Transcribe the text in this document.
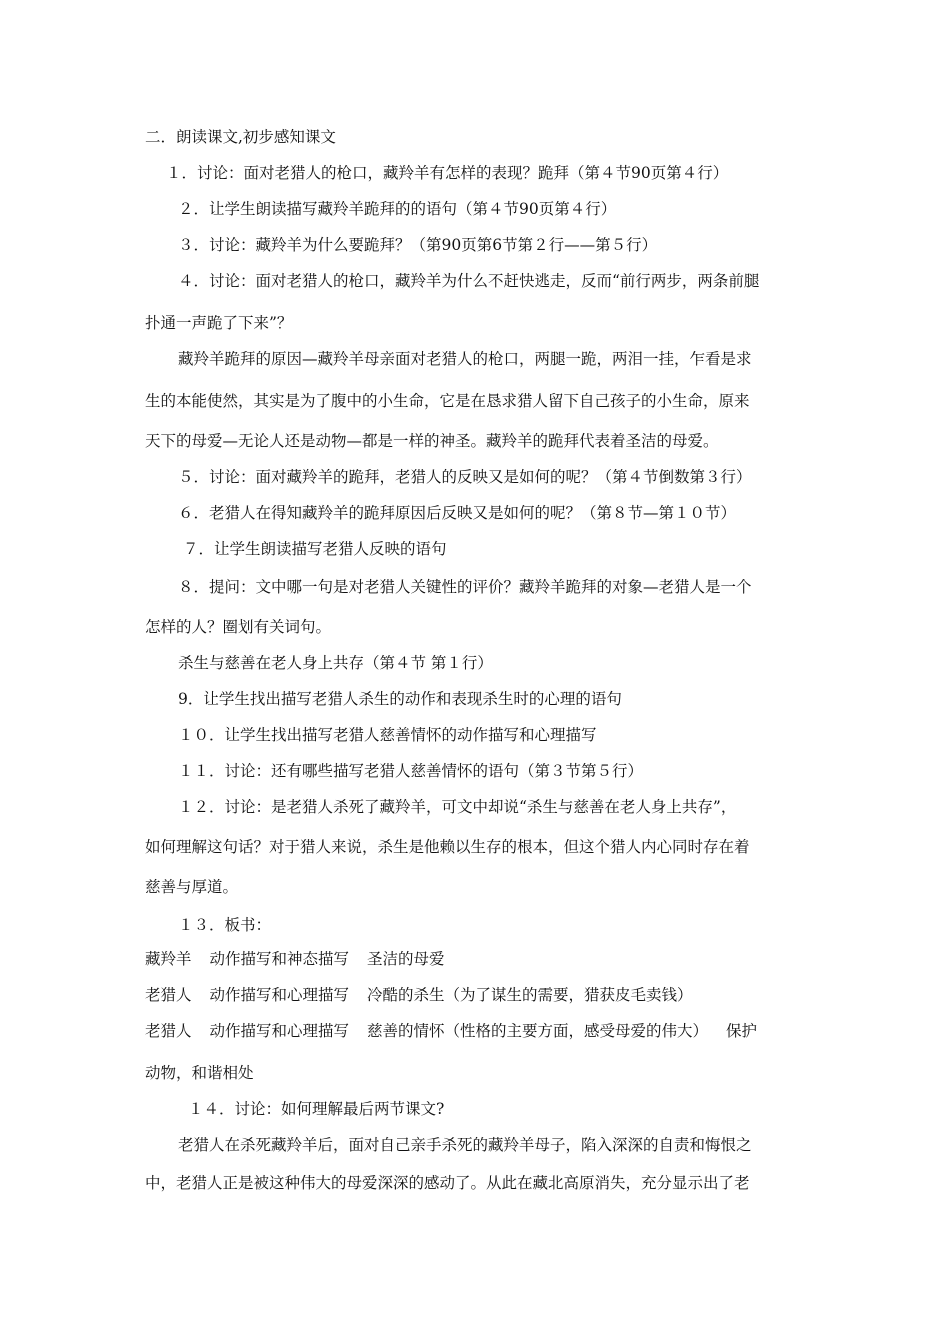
二．朗读课文,初步感知课文
１．讨论：面对老猎人的枪口，藏羚羊有怎样的表现？跪拜（第４节90页第４行）
２．让学生朗读描写藏羚羊跪拜的的语句（第４节90页第４行）
３．讨论：藏羚羊为什么要跪拜？（第90页第6节第２行——第５行）
４．讨论：面对老猎人的枪口，藏羚羊为什么不赶快逃走，反而“前行两步，两条前腿
扑通一声跪了下来”？
藏羚羊跪拜的原因—藏羚羊母亲面对老猎人的枪口，两腿一跪，两泪一挂，乍看是求
生的本能使然，其实是为了腹中的小生命，它是在恳求猎人留下自己孩子的小生命，原来
天下的母爱—无论人还是动物—都是一样的神圣。藏羚羊的跪拜代表着圣洁的母爱。
５．讨论：面对藏羚羊的跪拜，老猎人的反映又是如何的呢？（第４节倒数第３行）
６．老猎人在得知藏羚羊的跪拜原因后反映又是如何的呢？（第８节—第１０节）
７．让学生朗读描写老猎人反映的语句
８．提问：文中哪一句是对老猎人关键性的评价？藏羚羊跪拜的对象—老猎人是一个
怎样的人？圈划有关词句。
杀生与慈善在老人身上共存（第４节 第１行）
9．让学生找出描写老猎人杀生的动作和表现杀生时的心理的语句
１０．让学生找出描写老猎人慈善情怀的动作描写和心理描写
１１．讨论：还有哪些描写老猎人慈善情怀的语句（第３节第５行）
１２．讨论：是老猎人杀死了藏羚羊，可文中却说“杀生与慈善在老人身上共存”，
如何理解这句话？对于猎人来说，杀生是他赖以生存的根本，但这个猎人内心同时存在着
慈善与厚道。
１３．板书：
藏羚羊 动作描写和神态描写 圣洁的母爱
老猎人 动作描写和心理描写 冷酷的杀生（为了谋生的需要，猎获皮毛卖钱）
老猎人 动作描写和心理描写 慈善的情怀（性格的主要方面，感受母爱的伟大） 保护
动物，和谐相处
１４．讨论：如何理解最后两节课文?
老猎人在杀死藏羚羊后，面对自己亲手杀死的藏羚羊母子，陷入深深的自责和悔恨之
中，老猎人正是被这种伟大的母爱深深的感动了。从此在藏北高原消失，充分显示出了老
